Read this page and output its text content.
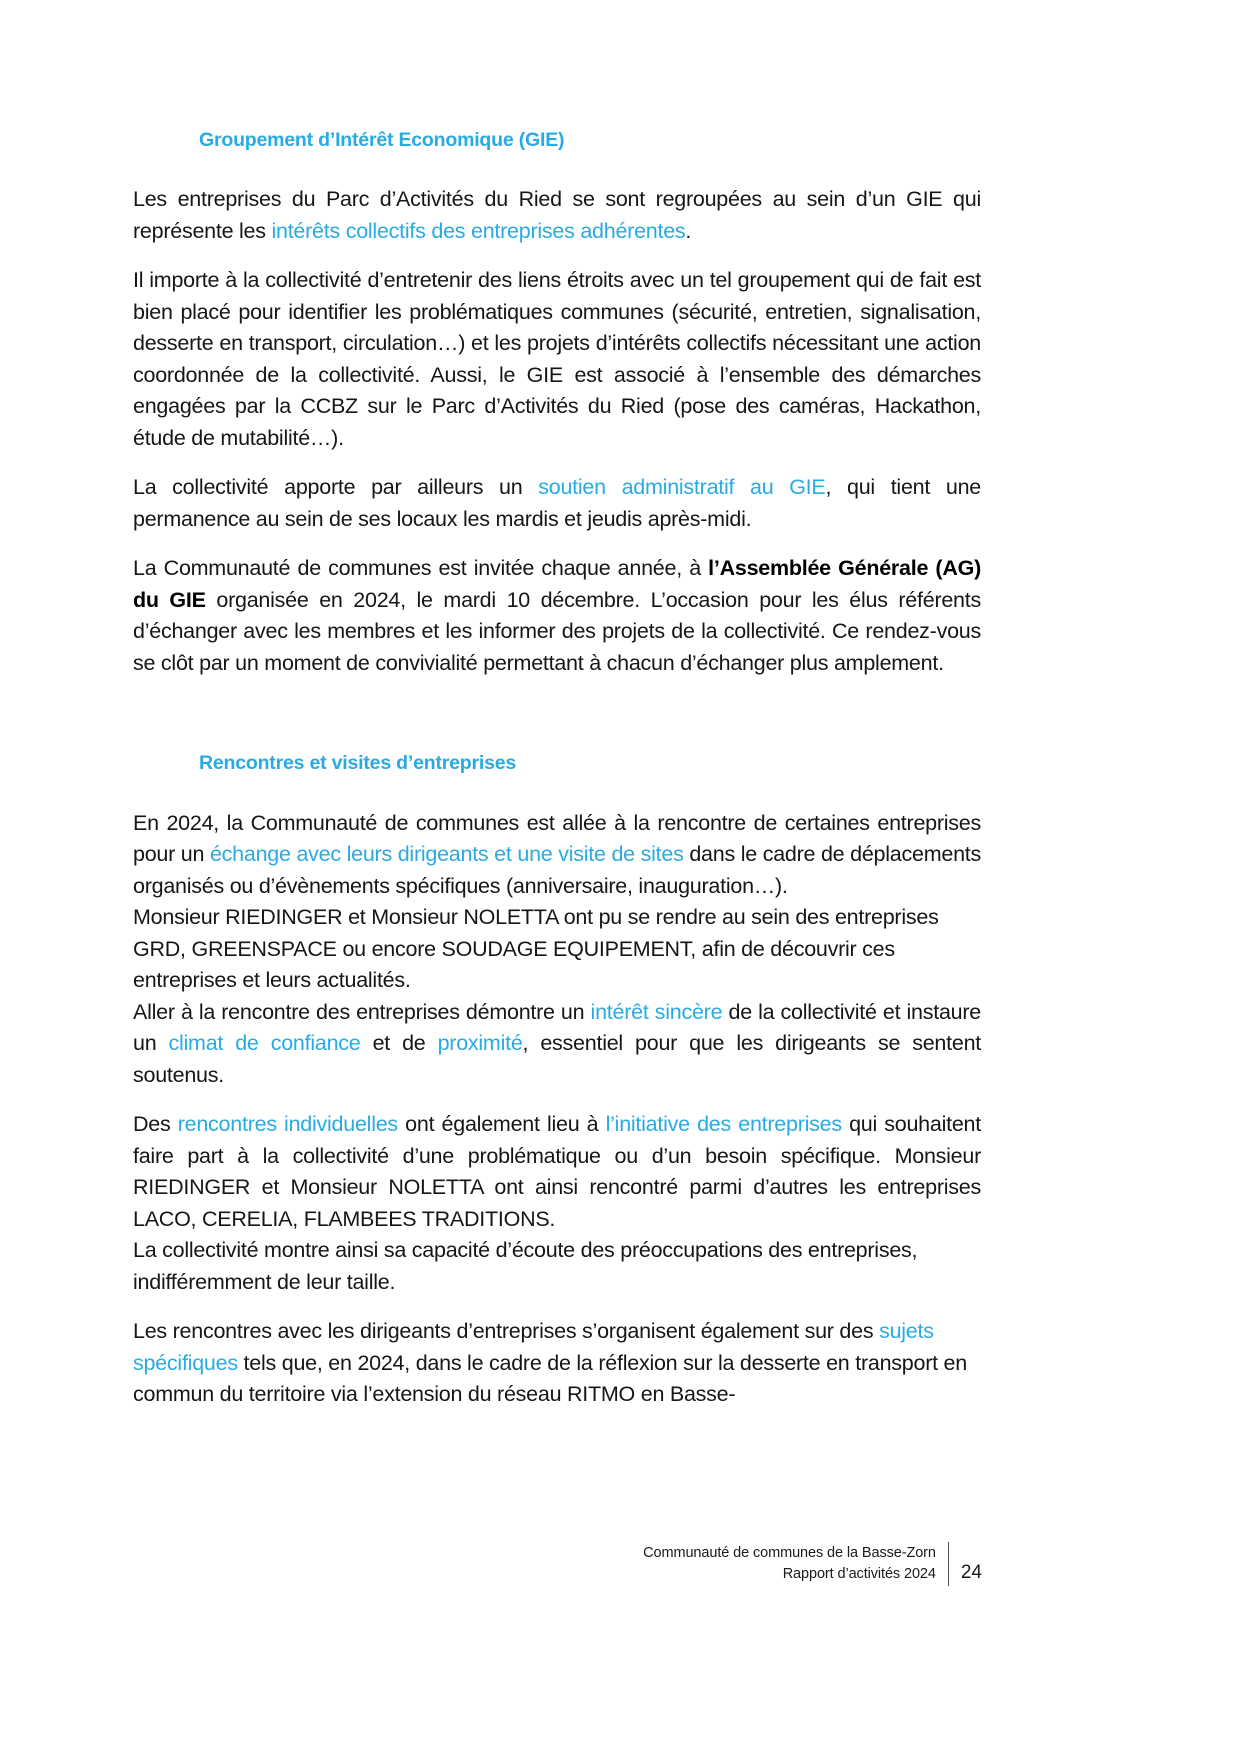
Groupement d’Intérêt Economique (GIE)

Les entreprises du Parc d’Activités du Ried se sont regroupées au sein d’un GIE qui représente les intérêts collectifs des entreprises adhérentes.

Il importe à la collectivité d’entretenir des liens étroits avec un tel groupement qui de fait est bien placé pour identifier les problématiques communes (sécurité, entretien, signalisation, desserte en transport, circulation…) et les projets d’intérêts collectifs nécessitant une action coordonnée de la collectivité. Aussi, le GIE est associé à l’ensemble des démarches engagées par la CCBZ sur le Parc d’Activités du Ried (pose des caméras, Hackathon, étude de mutabilité…).

La collectivité apporte par ailleurs un soutien administratif au GIE, qui tient une permanence au sein de ses locaux les mardis et jeudis après-midi.

La Communauté de communes est invitée chaque année, à l’Assemblée Générale (AG) du GIE organisée en 2024, le mardi 10 décembre. L’occasion pour les élus référents d’échanger avec les membres et les informer des projets de la collectivité. Ce rendez-vous se clôt par un moment de convivialité permettant à chacun d’échanger plus amplement.

Rencontres et visites d’entreprises

En 2024, la Communauté de communes est allée à la rencontre de certaines entreprises pour un échange avec leurs dirigeants et une visite de sites dans le cadre de déplacements organisés ou d’évènements spécifiques (anniversaire, inauguration…).

Monsieur RIEDINGER et Monsieur NOLETTA ont pu se rendre au sein des entreprises GRD, GREENSPACE ou encore SOUDAGE EQUIPEMENT, afin de découvrir ces entreprises et leurs actualités.

Aller à la rencontre des entreprises démontre un intérêt sincère de la collectivité et instaure un climat de confiance et de proximité, essentiel pour que les dirigeants se sentent soutenus.

Des rencontres individuelles ont également lieu à l’initiative des entreprises qui souhaitent faire part à la collectivité d’une problématique ou d’un besoin spécifique. Monsieur RIEDINGER et Monsieur NOLETTA ont ainsi rencontré parmi d’autres les entreprises LACO, CERELIA, FLAMBEES TRADITIONS.

La collectivité montre ainsi sa capacité d’écoute des préoccupations des entreprises, indifféremment de leur taille.

Les rencontres avec les dirigeants d’entreprises s’organisent également sur des sujets spécifiques tels que, en 2024, dans le cadre de la réflexion sur la desserte en transport en commun du territoire via l’extension du réseau RITMO en Basse-

Communauté de communes de la Basse-Zorn
Rapport d’activités 2024 24
